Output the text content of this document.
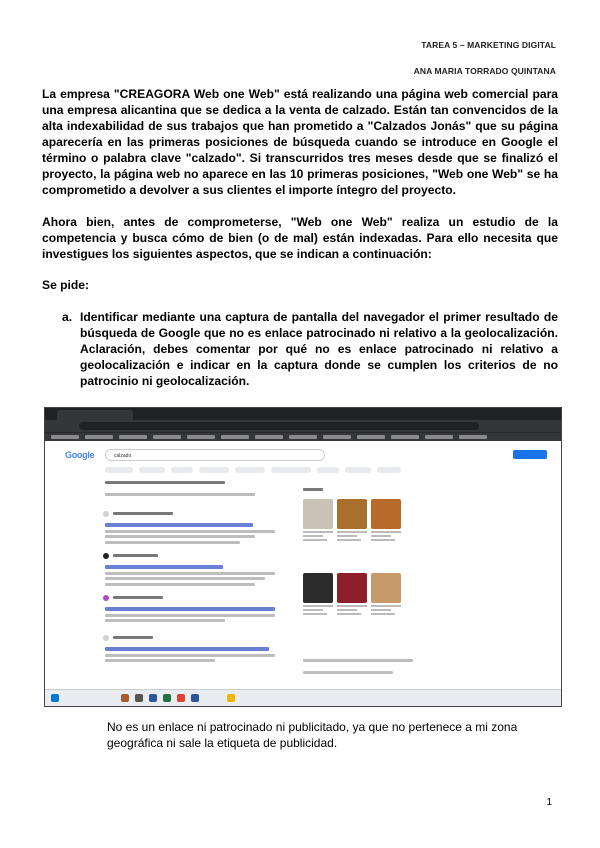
TAREA 5 – MARKETING DIGITAL
ANA MARIA TORRADO QUINTANA
La empresa "CREAGORA Web one Web" está realizando una página web comercial para una empresa alicantina que se dedica a la venta de calzado. Están tan convencidos de la alta indexabilidad de sus trabajos que han prometido a "Calzados Jonás" que su página aparecería en las primeras posiciones de búsqueda cuando se introduce en Google el término o palabra clave "calzado". Si transcurridos tres meses desde que se finalizó el proyecto, la página web no aparece en las 10 primeras posiciones, "Web one Web" se ha comprometido a devolver a sus clientes el importe íntegro del proyecto.
Ahora bien, antes de comprometerse, "Web one Web" realiza un estudio de la competencia y busca cómo de bien (o de mal) están indexadas. Para ello necesita que investigues los siguientes aspectos, que se indican a continuación:
Se pide:
a. Identificar mediante una captura de pantalla del navegador el primer resultado de búsqueda de Google que no es enlace patrocinado ni relativo a la geolocalización. Aclaración, debes comentar por qué no es enlace patrocinado ni relativo a geolocalización e indicar en la captura donde se cumplen los criterios de no patrocinio ni geolocalización.
Google	calzado
No es un enlace ni patrocinado ni publicitado, ya que no pertenece a mi zona geográfica ni sale la etiqueta de publicidad.
1
